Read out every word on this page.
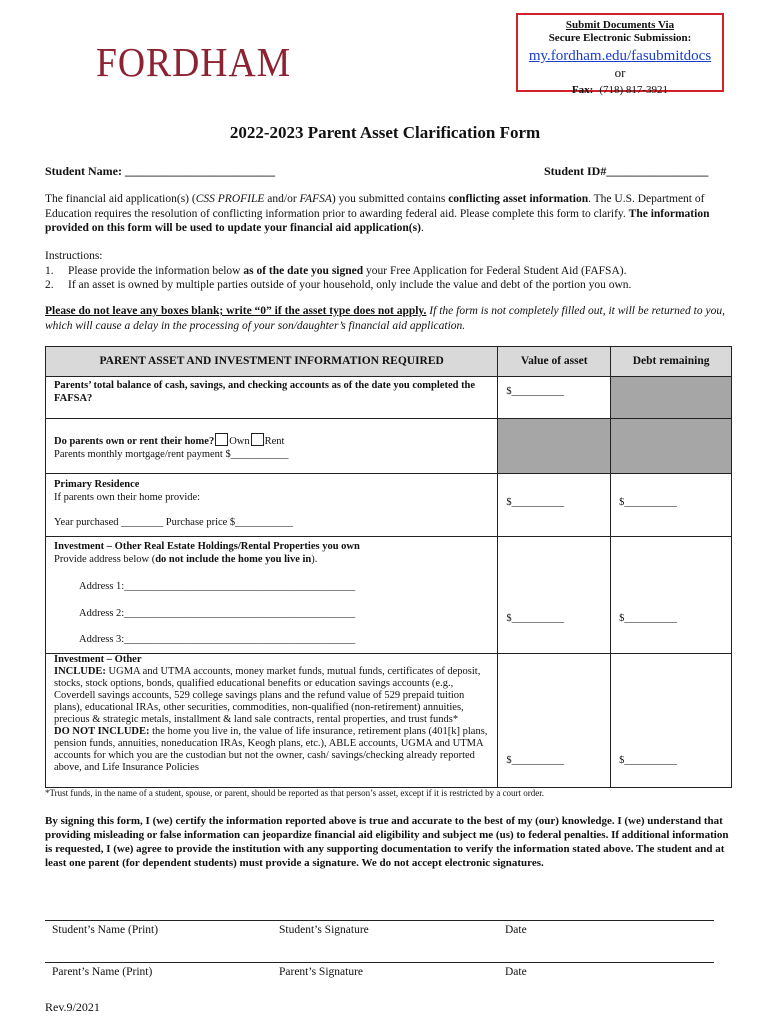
FORDHAM
Submit Documents Via
Secure Electronic Submission:
my.fordham.edu/fasubmitdocs
or
Fax: (718) 817-3921
2022-2023 Parent Asset Clarification Form
Student Name: _________________________	Student ID#_________________
The financial aid application(s) (CSS PROFILE and/or FAFSA) you submitted contains conflicting asset information. The U.S. Department of Education requires the resolution of conflicting information prior to awarding federal aid. Please complete this form to clarify. The information provided on this form will be used to update your financial aid application(s).
Instructions:
1. Please provide the information below as of the date you signed your Free Application for Federal Student Aid (FAFSA).
2. If an asset is owned by multiple parties outside of your household, only include the value and debt of the portion you own.
Please do not leave any boxes blank; write “0” if the asset type does not apply. If the form is not completely filled out, it will be returned to you, which will cause a delay in the processing of your son/daughter’s financial aid application.
PARENT ASSET AND INVESTMENT INFORMATION REQUIRED	Value of asset	Debt remaining
Parents’ total balance of cash, savings, and checking accounts as of the date you completed the FAFSA?	$__________	

Do parents own or rent their home? Own Rent
Parents monthly mortgage/rent payment $___________		

Primary Residence
If parents own their home provide:
Year purchased ________ Purchase price $___________	$__________	$__________

Investment – Other Real Estate Holdings/Rental Properties you own
Provide address below (do not include the home you live in).
Address 1:____________________________________________
Address 2:____________________________________________
Address 3:____________________________________________	$__________	$__________

Investment – Other
INCLUDE: UGMA and UTMA accounts, money market funds, mutual funds, certificates of deposit, stocks, stock options, bonds, qualified educational benefits or education savings accounts (e.g., Coverdell savings accounts, 529 college savings plans and the refund value of 529 prepaid tuition plans), educational IRAs, other securities, commodities, non-qualified (non-retirement) annuities, precious & strategic metals, installment & land sale contracts, rental properties, and trust funds*
DO NOT INCLUDE: the home you live in, the value of life insurance, retirement plans (401[k] plans, pension funds, annuities, noneducation IRAs, Keogh plans, etc.), ABLE accounts, UGMA and UTMA accounts for which you are the custodian but not the owner, cash/ savings/checking already reported above, and Life Insurance Policies	$__________	$__________
*Trust funds, in the name of a student, spouse, or parent, should be reported as that person’s asset, except if it is restricted by a court order.
By signing this form, I (we) certify the information reported above is true and accurate to the best of my (our) knowledge. I (we) understand that providing misleading or false information can jeopardize financial aid eligibility and subject me (us) to federal penalties. If additional information is requested, I (we) agree to provide the institution with any supporting documentation to verify the information stated above. The student and at least one parent (for dependent students) must provide a signature. We do not accept electronic signatures.
Student’s Name (Print)	Student’s Signature	Date
Parent’s Name (Print)	Parent’s Signature	Date
Rev.9/2021
